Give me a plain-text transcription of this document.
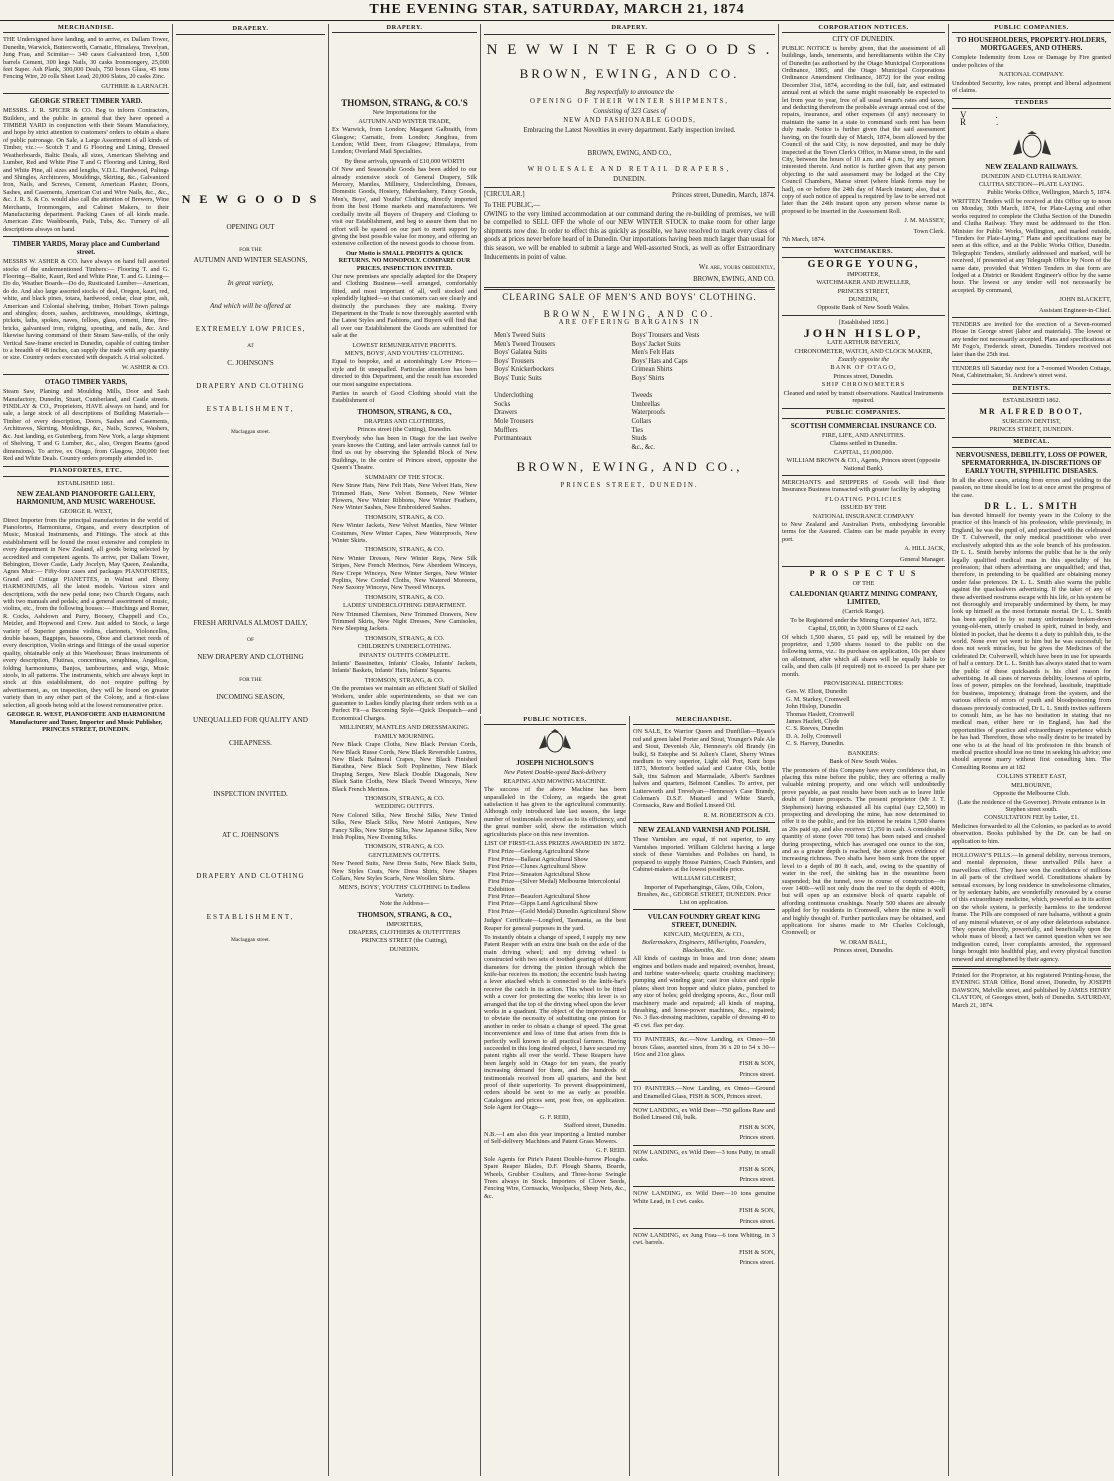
THE EVENING STAR, SATURDAY, MARCH 21, 1874
MERCHANDISE.

THE Undersigned have landing, and to arrive, ex Dallam Tower, Dunedin, Warwick, Buttercworth, Carnatic, Himalaya, Trevelyan, Jung Frau, and Scimitar— 340 cases Galvanized Iron, 1,500 barrels Cement, 300 kegs Nails, 30 casks Ironmongery, 25,000 feet Super. Ash Plank, 300,000 Deals, 750 boxes Glass, 45 tons Fencing Wire, 20 rolls Sheet Lead, 20,000 Slates, 20 casks Zinc.

GUTHRIE & LARNACH.
GEORGE STREET TIMBER YARD.

MESSRS. J. R. SPICER & CO. Beg to inform Contractors, Builders, and the public in general that they have opened a TIMBER YARD in conjunction with their Steam Manufactory, and hope by strict attention to customers' orders to obtain a share of public patronage. On Sale, a Large Assortment of all kinds of Timber, viz.:— Scotch T and G Flooring and Lining, Dressed Weatherboards, Baltic Deals, all sizes, American Shelving and Lumber, Red and White Pine T and G Flooring and Lining, Red and White Pine, all sizes and lengths, V.D.L. Hardwood, Palings and Shingles, Architraves, Mouldings, Skirting, &c., Galvanized Iron, Nails, and Screws, Cement, American Plaster, Doors, Sashes, and Casements, American Cut and Wire Nails, &c., &c., &c. J. R. S. & Co. would also call the attention of Brewers, Wine Merchants, Ironmongers, and Cabinet Makers, to their Manufacturing department. Packing Cases of all kinds made. American Zinc Washboards, Pails, Tubs, &c. Turnery of all descriptions always on hand.

TIMBER YARDS, Moray place and Cumberland street.

MESSRS W. ASHER & CO. have always on hand full assorted stocks of the undermentioned Timbers:— Flooring T. and G. Flooring—Baltic, Kauri, Red and White Pine, T. and G. Lining—Do do, Weather Boards—Do do, Rusticated Lumber—American, do do. And also large assorted stocks of deal, Oregon, kauri, red, white, and black pines, totara, hardwood, cedar, clear pine, ash, American and Colonial shelving, timber, Hobart Town palings and shingles; doors, sashes, architraves, mouldings, skirtings, pickets, laths, spokes, naves, felloes, glass, cement, lime, fire-bricks, galvanised iron, ridging, spouting, and nails, &c. And likewise having command of their Steam Saw-mills, of the only Vertical Saw-frame erected in Dunedin, capable of cutting timber to a breadth of 48 inches, can supply the trade with any quantity or size. Country orders executed with despatch. A trial solicited.

W. ASHER & CO.
OTAGO TIMBER YARDS,

Steam Saw, Planing and Moulding Mills, Door and Sash Manufactory, Dunedin, Stuart, Cumberland, and Castle streets. FINDLAY & CO., Proprietors, HAVE always on hand, and for sale, a large stock of all descriptions of Building Materials—Timber of every description, Doors, Sashes and Casements, Architraves, Skirting, Mouldings, &c., Nails, Screws, Washers, &c. Just landing, ex Gutenberg, from New York, a large shipment of Shelving, T and G Lumber, &c., also, Oregon Beams (good dimensions). To arrive, ex Otago, from Glasgow, 200,000 feet Red and White Deals. Country orders promptly attended to.

PIANOFORTES, ETC.
ESTABLISHED 1861.
NEW ZEALAND PIANOFORTE GALLERY, HARMONIUM, AND MUSIC WAREHOUSE.
GEORGE R. WEST,

Direct Importer from the principal manufactories in the world of Pianofortes, Harmoniums, Organs, and every description of Music, Musical Instruments, and Fittings. The stock at this establishment will be found the most extensive and complete in every department in New Zealand, all goods being selected by accredited and competent agents. To arrive, per Dallam Tower, Bebington, Dover Castle, Lady Jocelyn, May Queen, Zealandia, Agnes Muir:— Fifty-four cases and packages PIANOFORTES, Grand and Cottage PIANETTES, in Walnut and Ebony HARMONIUMS, all the latest models. Various sizes and descriptions, with the new pedal tone; two Church Organs, each with two manuals and pedals; and a general assortment of music, violins, etc., from the following houses:— Hutchings and Romer, R. Cocks, Ashdown and Parry, Boosey, Chappell and Co., Metzler, and Hopwood and Crew. Just added to Stock, a large variety of Superior genuine violins, clarionets, Violoncellos, double basses, Bagpipes, bassoons, Oboe and clarionet reeds of every description, Violin strings and fittings of the usual superior quality, obtainable only at this Warehouse; Brass instruments of every description, Flutinas, concertinas, seraphinas, Angelicas, folding harmoniums, Banjos, tambourines, and wigs, Music stools, in all patterns. The instruments, which are always kept in stock at this establishment, do not require puffing by advertisement, as, on inspection, they will be found on greater variety than in any other part of the Colony, and a first-class selection, all goods being sold at the lowest remunerative price.

GEORGE R. WEST, PIANOFORTE AND HARMONIUM Manufacturer and Tuner, Importer and Music Publisher, PRINCES STREET, DUNEDIN.
DRAPERY.
N E W G O O D S
OPENING OUT
FOR THE
AUTUMN AND WINTER SEASONS,
In great variety,
And which will be offered at
EXTREMELY LOW PRICES,
AT
C. JOHNSON'S
DRAPERY AND CLOTHING
ESTABLISHMENT,
Maclaggan street.
FRESH ARRIVALS ALMOST DAILY,
OF
NEW DRAPERY AND CLOTHING
FOR THE
INCOMING SEASON,
UNEQUALLED FOR QUALITY AND
CHEAPNESS.
INSPECTION INVITED.
AT C. JOHNSON'S
DRAPERY AND CLOTHING
ESTABLISHMENT,
Maclaggan street.
DRAPERY.
THOMSON, STRANG, & CO.'S
New Importations for the
AUTUMN AND WINTER TRADE,

Ex Warwick, from London; Margaret Galbraith, from Glasgow; Carnatic, from London; Jungfrau, from London; Wild Deer, from Glasgow; Himalaya, from London; Overland Mail Specialties.

By these arrivals, upwards of £10,000 WORTH

Of New and Seasonable Goods has been added to our already extensive stock of General Drapery, Silk Mercery, Mantles, Millinery, Underclothing, Dresses, Domestic Goods, Hosiery, Haberdashery, Fancy Goods, Men's, Boys', and Youths' Clothing, directly imported from the best Home markets and manufacturers. We cordially invite all Buyers of Drapery and Clothing to visit our Establishment, and beg to assure them that no effort will be spared on our part to merit support by giving the best possible value for money, and offering an extensive collection of the newest goods to choose from.

Our Motto is SMALL PROFITS & QUICK RETURNS. NO MONOPOLY. COMPARE OUR PRICES. INSPECTION INVITED.

Our new premises are specially adapted for the Drapery and Clothing Business—well arranged, comfortably fitted, and most important of all, well stocked and splendidly lighted—so that customers can see clearly and distinctly the purchases they are making. Every Department in the Trade is now thoroughly assorted with the Latest Styles and Fashions, and Buyers will find that all over our Establishment the Goods are submitted for sale at the

LOWEST REMUNERATIVE PROFITS.
MEN'S, BOYS', AND YOUTHS' CLOTHING.

Equal to bespoke, and at astonishingly Low Prices—style and fit unequalled. Particular attention has been directed to this Department, and the result has exceeded our most sanguine expectations.

Parties in search of Good Clothing should visit the Establishment of

THOMSON, STRANG, & CO.,
DRAPERS AND CLOTHIERS,
Princes street (the Cutting), Dunedin.

Everybody who has been in Otago for the last twelve years knows the Cutting, and later arrivals cannot fail to find us out by observing the Splendid Block of New Buildings, in the centre of Princes street, opposite the Queen's Theatre.

SUMMARY OF THE STOCK.

New Straw Hats, New Felt Hats, New Velvet Hats, New Trimmed Hats, New Velvet Bonnets, New Winter Flowers, New Winter Ribbons, New Winter Feathers, New Winter Sashes, New Embroidered Sashes.

THOMSON, STRANG, & CO.

New Winter Jackets, New Velvet Mantles, New Winter Costumes, New Winter Capes, New Waterproofs, New Winter Skirts.

THOMSON, STRANG, & CO.

New Winter Dresses, New Winter Reps, New Silk Stripes, New French Merinos, New Aberdeen Winceys, New Crepe Winceys, New Winter Serges, New Winter Poplins, New Corded Cloths, New Watered Moreens, New Saxony Winceys, New Tweed Winceys.

THOMSON, STRANG, & CO.
LADIES' UNDERCLOTHING DEPARTMENT.

New Trimmed Chemises, New Trimmed Drawers, New Trimmed Skirts, New Night Dresses, New Camisoles, New Sleeping Jackets.

THOMSON, STRANG, & CO.
CHILDREN'S UNDERCLOTHING.
INFANTS' OUTFITS COMPLETE.

Infants' Bassinettes, Infants' Cloaks, Infants' Jackets, Infants' Baskets, Infants' Hats, Infants' Squares.

THOMSON, STRANG, & CO.

On the premises we maintain an efficient Staff of Skilled Workers, under able superintendents, so that we can guarantee to Ladies kindly placing their orders with us a Perfect Fit—a Becoming Style—Quick Despatch—and Economical Charges.

MILLINERY, MANTLES AND DRESSMAKING.
FAMILY MOURNING.

New Black Crape Cloths, New Black Persian Cords, New Black Russe Cords, New Black Reversible Lustres, New Black Balmoral Crapes, New Black Finished Barathea, New Black Soft Poplinettes, New Black Draping Serges, New Black Double Diagonals, New Black Satin Cloths, New Black Tweed Winceys, New Black French Merinos.

THOMSON, STRANG, & CO.
WEDDING OUTFITS.

New Colored Silks, New Broché Silks, New Tinted Silks, New Black Silks, New Moiré Antiques, New Fancy Silks, New Stripe Silks, New Japanese Silks, New Irish Poplins, New Evening Silks.

THOMSON, STRANG, & CO.
GENTLEMEN'S OUTFITS.

New Tweed Suits, New Dress Suits, New Black Suits, New Styles Coats, New Dress Shirts, New Shapes Collars, New Styles Scarfs, New Woollen Shirts.

MEN'S, BOYS', YOUTHS' CLOTHING In Endless Variety.
Note the Address—
THOMSON, STRANG, & CO.,
IMPORTERS,
DRAPERS, CLOTHIERS & OUTFITTERS
PRINCES STREET (the Cutting),
DUNEDIN.
DRAPERY.
N E W W I N T E R G O O D S .
BROWN, EWING, AND CO.
Beg respectfully to announce the
OPENING OF THEIR WINTER SHIPMENTS,
Consisting of 323 Cases of
NEW AND FASHIONABLE GOODS,
Embracing the Latest Novelties in every department. Early inspection invited.
BROWN, EWING, AND CO.,
WHOLESALE AND RETAIL DRAPERS,
DUNEDIN.
[CIRCULAR.]	Princes street, Dunedin, March, 1874.
To THE PUBLIC,—

OWING to the very limited accommodation at our command during the re-building of premises, we will be compelled to SELL OFF the whole of our NEW WINTER STOCK to make room for other large shipments now due. In order to effect this as quickly as possible, we have resolved to mark every class of goods at prices never before heard of in Dunedin. Our importations having been much larger than usual for this season, we will be enabled to submit a large and Well-assorted Stock, as well as offer Extraordinary Inducements in point of value.

We are, yours obediently,
BROWN, EWING, AND CO.
CLEARING SALE OF MEN'S AND BOYS' CLOTHING.
BROWN, EWING, AND CO.
ARE OFFERING BARGAINS IN
Men's Tweed Suits
Men's Tweed Trousers
Boys' Galatea Suits
Boys' Trousers
Boys' Knickerbockers
Boys' Tunic Suits

Underclothing
Socks
Drawers
Mole Trousers
Mufflers
Portmanteaux
Boys' Trousers and Vests
Boys' Jacket Suits
Men's Felt Hats
Boys' Hats and Caps
Crimean Shirts
Boys' Shirts

Tweeds
Umbrellas
Waterproofs
Collars
Ties
Studs
&c., &c.
BROWN, EWING, AND CO.,
PRINCES STREET, DUNEDIN.
PUBLIC NOTICES.
JOSEPH NICHOLSON'S
New Patent Double-speed Back-delivery
REAPING AND MOWING MACHINE.

The success of the above Machine has been unparalleled in the Colony, as regards the great satisfaction it has given to the agricultural community. Although only introduced late last season, the large number of testimonials received as to its efficiency, and the great number sold, show the estimation which agriculturists place on this new invention.

LIST OF FIRST-CLASS PRIZES AWARDED IN 1872.
First Prize—Geelong Agricultural Show
First Prize—Ballarat Agricultural Show
First Prize—Clunes Agricultural Show
First Prize—Smeaton Agricultural Show
First Prize—(Silver Medal) Melbourne Intercolonial Exhibition
First Prize—Beaufort Agricultural Show
First Prize—Gipps Land Agricultural Show
First Prize—(Gold Medal) Dunedin Agricultural Show

Judges' Certificate—Longford, Tasmania, as the best Reaper for general purposes in the yard.

To instantly obtain a change of speed, I supply my new Patent Reaper with an extra tine bush on the axle of the main driving wheel; and my driving wheel is constructed with two sets of toothed gearing of different diameters for driving the pinion through which the knife-bar receives its motion; the eccentric bush having a lever attached which is connected to the knife-bar's receive the catch in its action. This wheel to be fitted with a cover for protecting the works; this lever is so arranged that the top of the driving wheel upon the lever works in a quadrant. The object of the improvement is to obviate the necessity of substituting one pinion for another in order to obtain a change of speed. The great inconvenience and loss of time that arises from this is perfectly well known to all practical farmers. Having succeeded in this long desired object, I have secured my patent rights all over the world. These Reapers have been largely sold in Otago for ten years, the yearly increasing demand for them, and the hundreds of testimonials received from all quarters, and the best proof of their superiority. To prevent disappointment, orders should be sent to me as early as possible. Catalogues and prices sent, post free, on application. Sole Agent for Otago—

G. F. REID,
Stafford street, Dunedin.

N.B.—I am also this year importing a limited number of Self-delivery Machines and Patent Grass Mowers.

G. F. REID.

Sole Agents for Pirie's Patent Double-furrow Ploughs. Spare Reaper Blades, D.F. Plough Shares, Boards, Wheels, Grubber Coulters, and Three-horse Swingle Trees always in Stock. Importers of Clover Seeds, Fencing Wire, Cornsacks, Woolpacks, Sheep Nets, &c., &c.

MERCHANDISE.

ON SALE, Ex Warrior Queen and Dunfillan—Byass's red and green label Porter and Stout, Younger's Pale Ale and Stout, Devenish Ale, Hennessy's old Brandy (in bulk), St Estephe and St Julien's Claret, Sherry Wines medium to very superior, Light old Port, Kent hops 1873, Morton's bottled salad and Castor Oils, bottle Salt, tins Salmon and Marmalade, Albert's Sardines halves and quarters, Belmont Candles. To arrive, per Lutterworth and Trevelyan—Hennessy's Case Brandy, Coleman's D.S.F. Mustard and White Starch, Cornsacks, Raw and Boiled Linseed Oil.

R. M. ROBERTSON & CO.
NEW ZEALAND VARNISH AND POLISH.

These Varnishes are equal, if not superior, to any Varnishes imported. William Gilchrist having a large stock of these Varnishes and Polishes on hand, is prepared to supply House Painters, Coach Painters, and Cabinet-makers at the lowest possible price.

WILLIAM GILCHRIST,

Importer of Paperhangings, Glass, Oils, Colors, Brushes, &c., GEORGE STREET, DUNEDIN. Price List on application.

VULCAN FOUNDRY GREAT KING STREET, DUNEDIN.
KINCAID, McQUEEN, & CO.,
Boilermakers, Engineers, Millwrights, Founders, Blacksmiths, &c.

All kinds of castings in brass and iron done; steam engines and boilers made and repaired; overshot, breast, and turbine water-wheels; quartz crushing machinery; pumping and winding gear; cast iron sluice and ripple plates; sheet iron hopper and sluice plates, punched to any size of holes; gold dredging spoons, &c., flour mill machinery made and repaired; all kinds of reaping, thrashing, and horse-power machines, &c., repaired; No. 3 flax-dressing machines, capable of dressing 40 to 45 cwt. flax per day.

TO PAINTERS, &c.—Now Landing, ex Omeo—50 boxes Glass, assorted sizes, from 36 x 20 to 54 x 30—16oz and 21oz glass.

FISH & SON,
Princes street.

TO PAINTERS.—Now Landing, ex Omeo—Ground and Enamelled Glass, FISH & SON, Princes street.

NOW LANDING, ex Wild Deer—750 gallons Raw and Boiled Linseed Oil, bulk.

FISH & SON,
Princes street.

NOW LANDING, ex Wild Deer—3 tons Putty, in small casks.

FISH & SON,
Princes street.

NOW LANDING, ex Wild Deer—10 tons genuine White Lead, in 1 cwt. casks.

FISH & SON,
Princes street.

NOW LANDING, ex Jung Frau—6 tons Whiting, in 3 cwt. barrels.

FISH & SON,
Princes street.
CORPORATION NOTICES.
CITY OF DUNEDIN.

PUBLIC NOTICE is hereby given, that the assessment of all buildings, lands, tenements, and hereditaments within the City of Dunedin (as authorised by the Otago Municipal Corporations Ordinance, 1865, and the Otago Municipal Corporations Ordinance Amendment Ordinance, 1872) for the year ending December 31st, 1874, according to the full, fair, and estimated annual rent at which the same might reasonably be expected to let from year to year, free of all usual tenant's rates and taxes, and deducting therefrom the probable average annual cost of the repairs, insurance, and other expenses (if any) necessary to maintain the same in a state to command such rent has been duly made. Notice is further given that the said assessment having, on the fourth day of March, 1874, been allowed by the Council of the said City, is now deposited, and may be duly inspected at the Town Clerk's Office, in Manse street, in the said City, between the hours of 10 a.m. and 4 p.m., by any person interested therein. And notice is further given that any person objecting to the said assessment may be lodged at the City Council Chambers, Manse street (where blank forms may be had), on or before the 24th day of March instant; also, that a copy of such notice of appeal is required by law to be served not later than the 24th instant upon any person whose name is proposed to be inserted in the Assessment Roll.

J. M. MASSEY,
Town Clerk.
7th March, 1874.
WATCHMAKERS.
GEORGE YOUNG,
IMPORTER,
WATCHMAKER AND JEWELLER,
PRINCES STREET,
DUNEDIN,
Opposite Bank of New South Wales.
[Established 1856.]
JOHN HISLOP,
LATE ARTHUR BEVERLY,
CHRONOMETER, WATCH, AND CLOCK MAKER,
Exactly opposite the
BANK OF OTAGO,
Princes street, Dunedin.
SHIP CHRONOMETERS
Cleaned and rated by transit observations. Nautical Instruments repaired.
PUBLIC COMPANIES.
SCOTTISH COMMERCIAL INSURANCE CO.
FIRE, LIFE, AND ANNUITIES.
Claims settled in Dunedin.
CAPITAL, £1,000,000.
WILLIAM BROWN & CO., Agents, Princes street (opposite National Bank).

MERCHANTS and SHIPPERS of Goods will find their Insurance Business transacted with greater facility by adopting

FLOATING POLICIES
ISSUED BY THE
NATIONAL INSURANCE COMPANY

to New Zealand and Australian Ports, embodying favorable terms for the Assured. Claims can be made payable in every port.

A. HILL JACK,
General Manager.
P R O S P E C T U S
OF THE
CALEDONIAN QUARTZ MINING COMPANY, LIMITED,
(Carrick Range).
To be Registered under the Mining Companies' Act, 1872.
Capital, £6,000, in 3,000 Shares of £2 each.

Of which 1,500 shares, £1 paid up, will be retained by the proprietor, and 1,500 shares issued to the public on the following terms, viz.: Its purchase on application, 10s per share on allotment, after which all shares will be equally liable to calls, and then calls (if required) not to exceed 1s per share per month.

PROVISIONAL DIRECTORS:
Geo. W. Eliott, Dunedin
G. M. Starkey, Cromwell
John Hislop, Dunedin
Thomas Haslett, Cromwell
James Hazlett, Clyde
C. S. Reeves, Dunedin
D. A. Jolly, Cromwell
C. S. Harvey, Dunedin.
BANKERS:
Bank of New South Wales.

The promoters of this Company have every confidence that, in placing this mine before the public, they are offering a really valuable mining property, and one which will undoubtedly prove payable, as past results have been such as to leave little doubt of future prospects. The present proprietor (Mr J. T. Stephenson) having exhausted all his capital (say £2,500) in prospecting and developing the mine, has now determined to offer it to the public, and for his interest he retains 1,500 shares as 20s paid up, and also receives £1,350 in cash. A considerable quantity of stone (over 700 tons) has been raised and crushed during prospecting, which has averaged one ounce to the ton, and as a greater depth is reached, the stone gives evidence of increasing richness. Two shafts have been sunk from the upper level to a depth of 80 ft each, and, owing to the quantity of water in the reef, the sinking has in the meantime been suspended; but the tunnel, now in course of construction—in over 140ft—will not only drain the reef to the depth of 400ft, but will open up an extensive block of quartz capable of affording continuous crushings. Nearly 500 shares are already applied for by residents in Cromwell, where the mine is well and highly thought of. Further particulars may be obtained, and applications for shares made to Mr Charles Colclough, Cromwell; or

W. ORAM BALL,
Princes street, Dunedin.
PUBLIC COMPANIES.
TO HOUSEHOLDERS, PROPERTY-HOLDERS, MORTGAGEES, AND OTHERS.

Complete Indemnity from Loss or Damage by Fire granted under policies of the

NATIONAL COMPANY.

Undoubted Security, low rates, prompt and liberal adjustment of claims.

TENDERS
V. R.
NEW ZEALAND RAILWAYS.
DUNEDIN AND CLUTHA RAILWAY.
CLUTHA SECTION—PLATE LAYING.
Public Works Office, Wellington, March 5, 1874.

WRITTEN Tenders will be received at this Office up to noon on Monday, 30th March, 1874, for Plate-Laying and other works required to complete the Clutha Section of the Dunedin and Clutha Railway. They must be addressed to the Hon. Minister for Public Works, Wellington, and marked outside, "Tenders for Plate-Laying." Plans and specifications may be seen at this office, and at the Public Works Office, Dunedin. Telegraphic Tenders, similarly addressed and marked, will be received, if presented at any Telegraph Office by Noon of the same date, provided that Written Tenders in due form are lodged at a District or Resident Engineer's office by the same hour. The lowest or any tender will not necessarily be accepted. By command,

JOHN BLACKETT,
Assistant Engineer-in-Chief.

TENDERS are invited for the erection of a Seven-roomed House in George street (labor and materials). The lowest or any tender not necessarily accepted. Plans and specifications at Mr Fogo's, Frederick street, Dunedin. Tenders received not later than the 25th inst.

TENDERS till Saturday next for a 7-roomed Wooden Cottage, Neat, Cabinetmaker, St. Andrew's street west.

DENTISTS.
ESTABLISHED 1862.
MR ALFRED BOOT,
SURGEON DENTIST,
PRINCES STREET, DUNEDIN.
MEDICAL.
NERVOUSNESS, DEBILITY, LOSS OF POWER, SPERMATORRHŒA, IN-DISCRETIONS OF EARLY YOUTH, SYPHILITIC DISEASES.

In all the above cases, arising from errors and yielding to the passion, no time should be lost to at once arrest the progress of the case.

DR L. L. SMITH

has devoted himself for twenty years in the Colony to the practice of this branch of his profession, while previously, in England, he was the pupil of, and practised with the celebrated Dr T. Culverwell, the only medical practitioner who ever exclusively adopted this as the sole branch of his profession. Dr L. L. Smith hereby informs the public that he is the only legally qualified medical man in this speciality of his profession; that others advertising are unqualified; and that, therefore, in pretending to be qualified are obtaining money under false pretences. Dr L. L. Smith also warns the public against the quacksalvers advertising. If the taker of any of these advertised nostrums escape with his life, or his system be not thoroughly and irreparably undermined by them, he may look up himself as the most fortunate mortal. Dr L. L. Smith has been applied to by so many unfortunate broken-down young-old-men, utterly crushed in spirit, ruined in body, and blotted in pocket, that he deems it a duty to publish this, to the world. None ever yet went to him but he was successful; he does not work miracles, but he gives the Medicines of the celebrated Dr. Culverwell, which have been in use for upwards of half a century. Dr L. L. Smith has always stated that to warn the public of these quicksands is his chief reason for advertising. In all cases of nervous debility, lowness of spirits, loss of power, pimples on the forehead, lassitude, inaptitude for business, impotency, drainage from the system, and the various effects of errors of youth and bloodpoisoning from diseases previously contracted, Dr L. L. Smith invites sufferers to consult him, as he has no hesitation in stating that no medical man, either here or in England, has had the opportunities of practice and extraordinary experience which he has had. Therefore, those who really desire to be treated by one who is at the head of his profession in this branch of medical practice should lose no time in seeking his advice; one should anyone marry without first consulting him. The Consulting Rooms are at 182

COLLINS STREET EAST,
MELBOURNE,
Opposite the Melbourne Club.
(Late the residence of the Governor). Private entrance is in Stephen street south.
CONSULTATION FEE by Letter, £1.

Medicines forwarded to all the Colonies, so packed as to avoid observation. Books published by the Dr. can be had on application to him.

HOLLOWAY'S PILLS.—In general debility, nervous tremors, and mental depression, these unrivalled Pills have a marvellous effect. They have won the confidence of millions in all parts of the civilised world. Constitutions shaken by sensual excesses, by long residence in unwholesome climates, or by sedentary habits, are wonderfully renovated by a course of this extraordinary medicine, which, powerful as in its action on the whole system, is perfectly harmless to the tenderest frame. The Pills are composed of rare balsams, without a grain of any mineral whatever, or of any other deleterious substance. They operate directly, powerfully, and beneficially upon the whole mass of blood; a fact we cannot question when we see indigestion cured, liver complaints arrested, the oppressed lungs brought into healthful play, and every physical function renewed and strengthened by their agency.

Printed for the Proprietor, at his registered Printing-house, the EVENING STAR Office, Bond street, Dunedin, by JOSEPH DAWSON, Melville street, and published by JAMES HENRY CLAYTON, of Georges street, both of Dunedin. SATURDAY, March 21, 1874.
